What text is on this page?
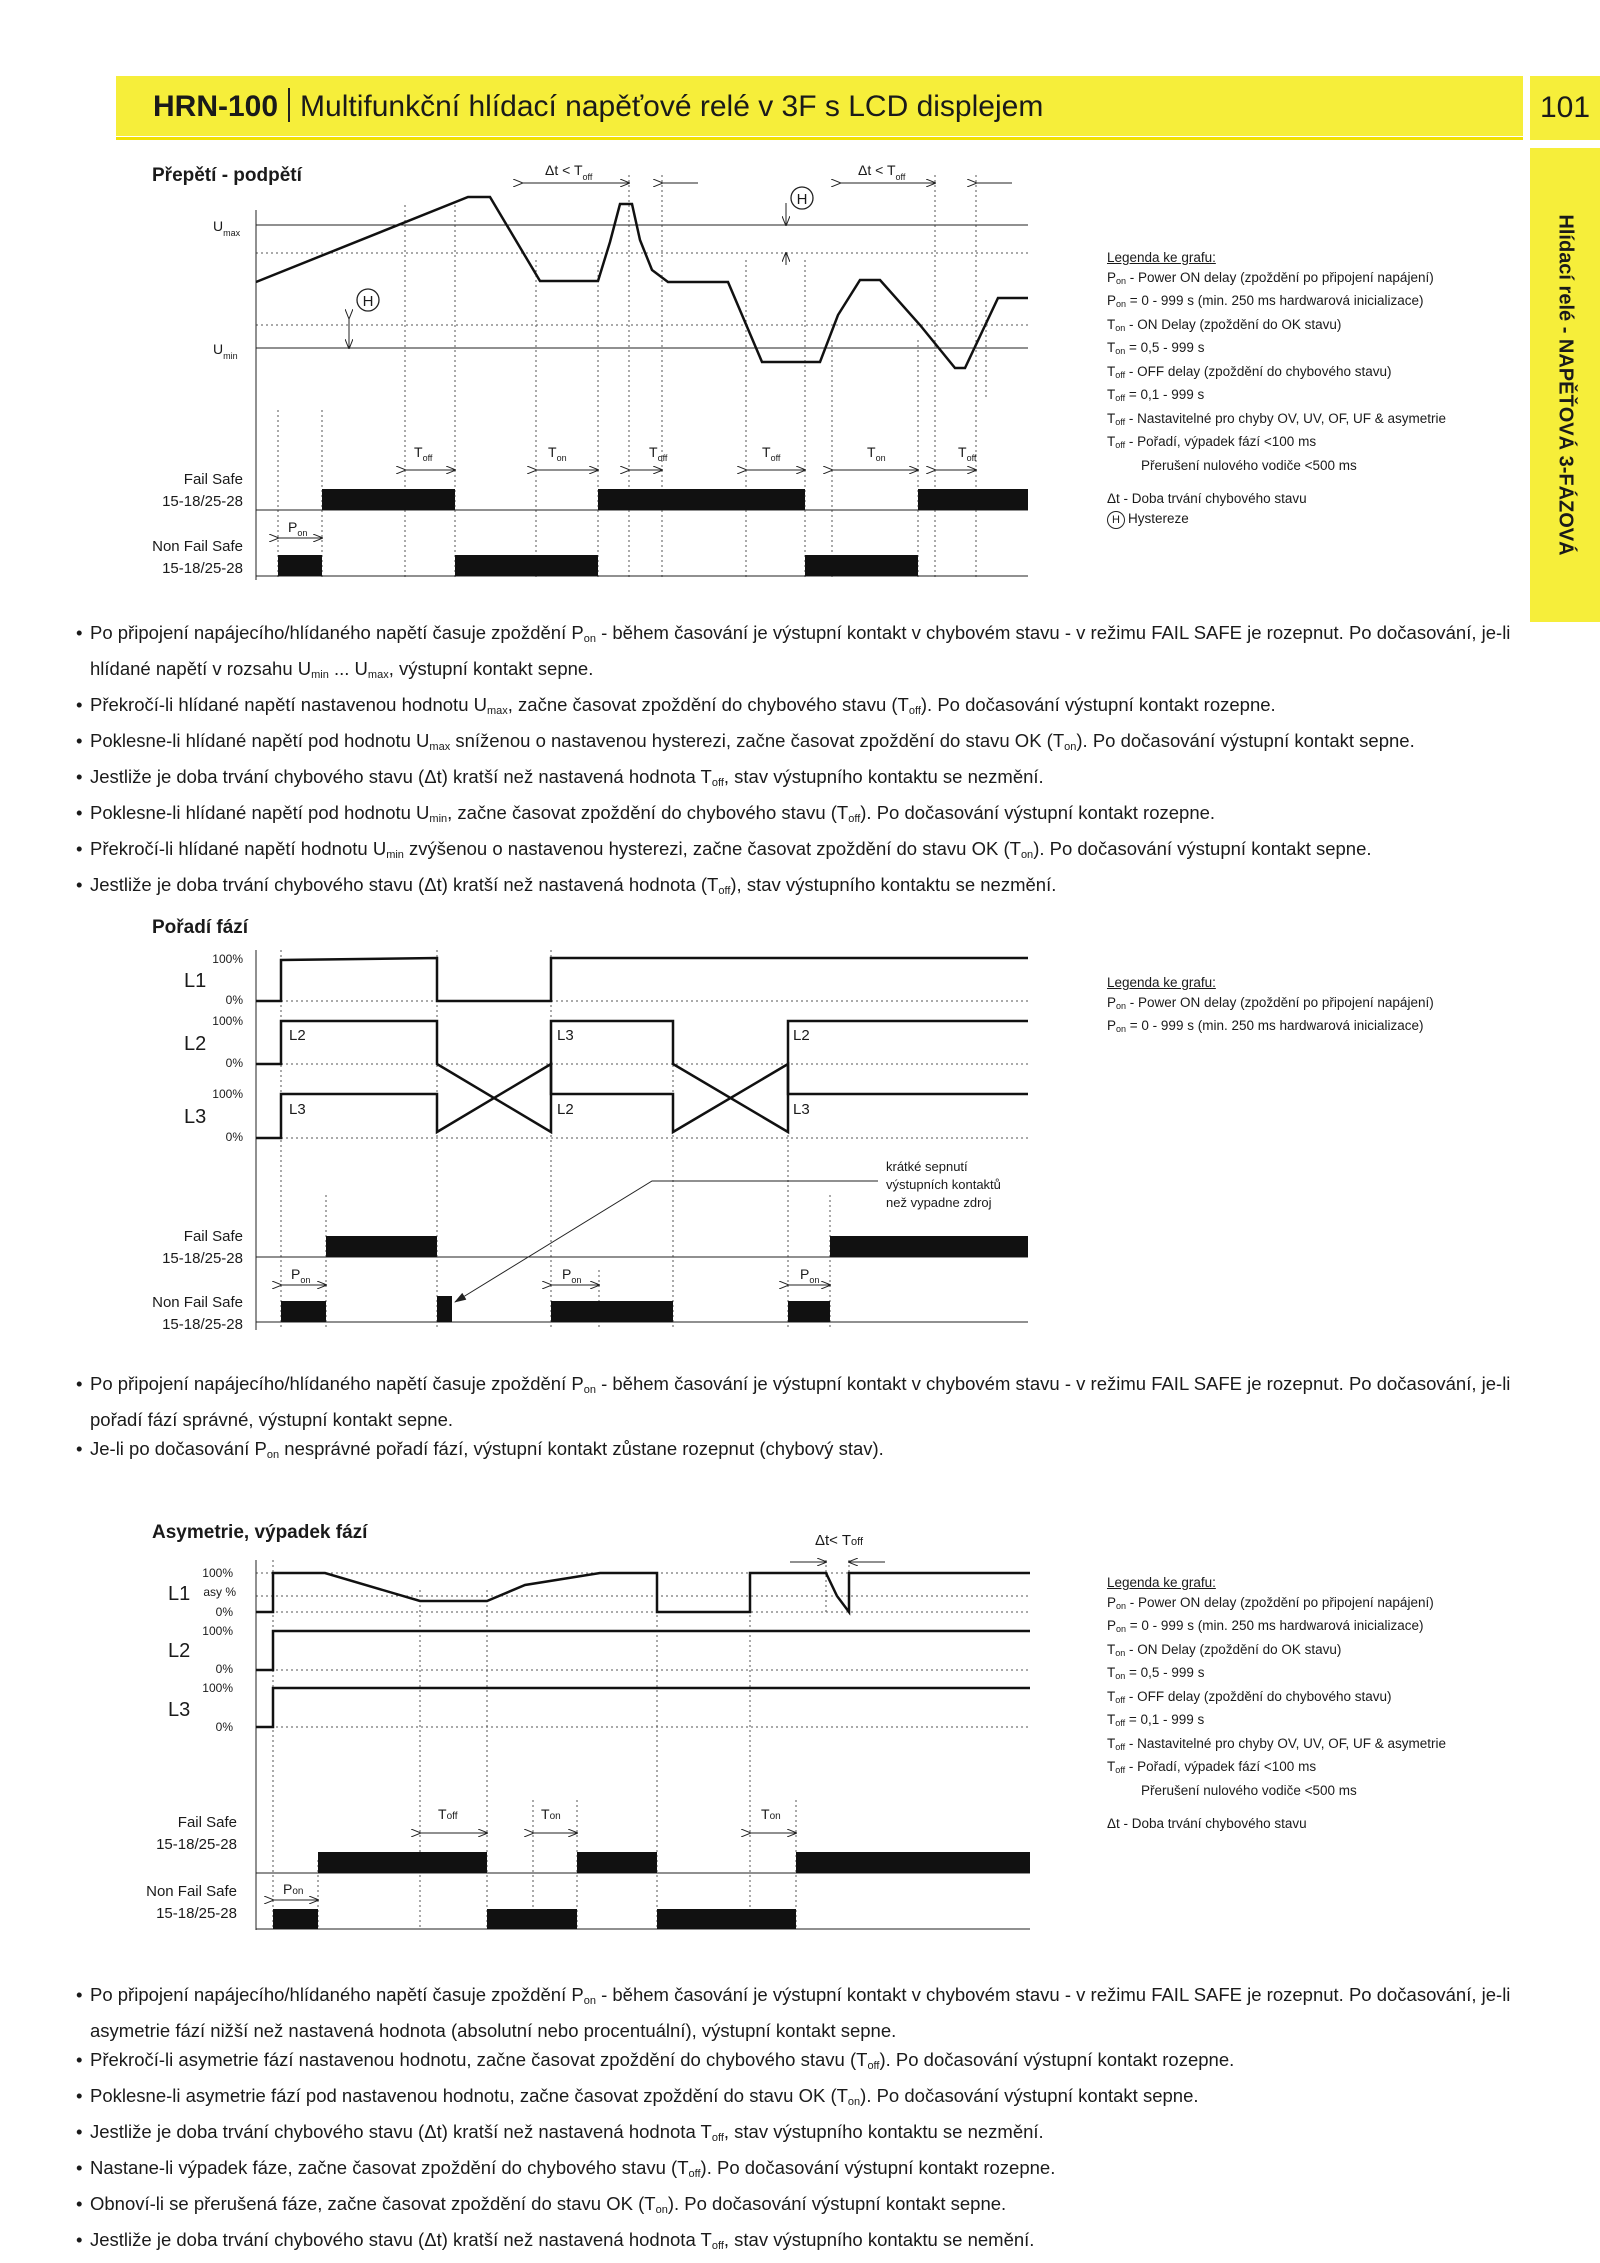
HRN-100 Multifunkční hlídací napěťové relé v 3F s LCD displejem	101
Hlídací relé - NAPĚŤOVÁ 3-FÁZOVÁ
Přepětí - podpětí
Pořadí fází
Asymetrie, výpadek fází
Legenda ke grafu:
$P_{on}$ - Power ON delay (zpoždění po připojení napájení)
$P_{on} = 0 - 999$ s (min. 250 ms hardwarová inicializace)
$T_{on}$ - ON Delay (zpoždění do OK stavu)
$T_{on} = 0,5 - 999$ s
$T_{off}$ - OFF delay (zpoždění do chybového stavu)
$T_{off} = 0,1 - 999$ s
$T_{off}$ - Nastavitelné pro chyby OV, UV, OF, UF & asymetrie
$T_{off}$ - Pořadí, výpadek fází <100 ms
Přerušení nulového vodiče <500 ms
Δt - Doba trvání chybového stavu
H Hystereze
Legenda ke grafu:
$P_{on}$ - Power ON delay (zpoždění po připojení napájení)
$P_{on} = 0 - 999$ s (min. 250 ms hardwarová inicializace)
Legenda ke grafu:
$P_{on}$ - Power ON delay (zpoždění po připojení napájení)
$P_{on} = 0 - 999$ s (min. 250 ms hardwarová inicializace)
$T_{on}$ - ON Delay (zpoždění do OK stavu)
$T_{on} = 0,5 - 999$ s
$T_{off}$ - OFF delay (zpoždění do chybového stavu)
$T_{off} = 0,1 - 999$ s
$T_{off}$ - Nastavitelné pro chyby OV, UV, OF, UF & asymetrie
$T_{off}$ - Pořadí, výpadek fází <100 ms
Přerušení nulového vodiče <500 ms
Δt - Doba trvání chybového stavu
• Po připojení napájecího/hlídaného napětí časuje zpoždění $P_{on}$ - během časování je výstupní kontakt v chybovém stavu - v režimu FAIL SAFE je rozepnut. Po dočasování, je-li hlídané napětí v rozsahu $U_{min}$ ... $U_{max}$, výstupní kontakt sepne.
• Překročí-li hlídané napětí nastavenou hodnotu $U_{max}$, začne časovat zpoždění do chybového stavu $(T_{off})$. Po dočasování výstupní kontakt rozepne.
• Poklesne-li hlídané napětí pod hodnotu $U_{max}$ sníženou o nastavenou hysterezi, začne časovat zpoždění do stavu OK $(T_{on})$. Po dočasování výstupní kontakt sepne.
• Jestliže je doba trvání chybového stavu (Δt) kratší než nastavená hodnota $T_{off}$, stav výstupního kontaktu se nezmění.
• Poklesne-li hlídané napětí pod hodnotu $U_{min}$, začne časovat zpoždění do chybového stavu $(T_{off})$. Po dočasování výstupní kontakt rozepne.
• Překročí-li hlídané napětí hodnotu $U_{min}$ zvýšenou o nastavenou hysterezi, začne časovat zpoždění do stavu OK $(T_{on})$. Po dočasování výstupní kontakt sepne.
• Jestliže je doba trvání chybového stavu (Δt) kratší než nastavená hodnota $(T_{off})$, stav výstupního kontaktu se nezmění.
• Po připojení napájecího/hlídaného napětí časuje zpoždění $P_{on}$ - během časování je výstupní kontakt v chybovém stavu - v režimu FAIL SAFE je rozepnut. Po dočasování, je-li pořadí fází správné, výstupní kontakt sepne.
• Je-li po dočasování $P_{on}$ nesprávné pořadí fází, výstupní kontakt zůstane rozepnut (chybový stav).
• Po připojení napájecího/hlídaného napětí časuje zpoždění $P_{on}$ - během časování je výstupní kontakt v chybovém stavu - v režimu FAIL SAFE je rozepnut. Po dočasování, je-li asymetrie fází nižší než nastavená hodnota (absolutní nebo procentuální), výstupní kontakt sepne.
• Překročí-li asymetrie fází nastavenou hodnotu, začne časovat zpoždění do chybového stavu $(T_{off})$. Po dočasování výstupní kontakt rozepne.
• Poklesne-li asymetrie fází pod nastavenou hodnotu, začne časovat zpoždění do stavu OK $(T_{on})$. Po dočasování výstupní kontakt sepne.
• Jestliže je doba trvání chybového stavu (Δt) kratší než nastavená hodnota $T_{off}$, stav výstupního kontaktu se nezmění.
• Nastane-li výpadek fáze, začne časovat zpoždění do chybového stavu $(T_{off})$. Po dočasování výstupní kontakt rozepne.
• Obnoví-li se přerušená fáze, začne časovat zpoždění do stavu OK $(T_{on})$. Po dočasování výstupní kontakt sepne.
• Jestliže je doba trvání chybového stavu (Δt) kratší než nastavená hodnota $T_{off}$, stav výstupního kontaktu se nemění.
H
H
$U_{max}$
$U_{min}$
$\Delta t < T_{off}$	$\Delta t < T_{off}$
$T_{off}$	$T_{on}$	$T_{off}$	$T_{off}$	$T_{on}$	$T_{off}$
$P_{on}$
Fail Safe
15-18/25-28
Non Fail Safe
15-18/25-28
100%
0%
100%
0%
100%
0%
L1
L2
L3
L2	L3	L2
L3	L2	L3
krátké sepnutí
výstupních kontaktů
než vypadne zdroj
$P_{on}$	$P_{on}$	$P_{on}$
Fail Safe
15-18/25-28
Non Fail Safe
15-18/25-28
Δt< Toff
100%
asy %
0%
100%
0%
100%
0%
L1
L2
L3
Toff	Ton	Ton
Pon
Fail Safe
15-18/25-28
Non Fail Safe
15-18/25-28
